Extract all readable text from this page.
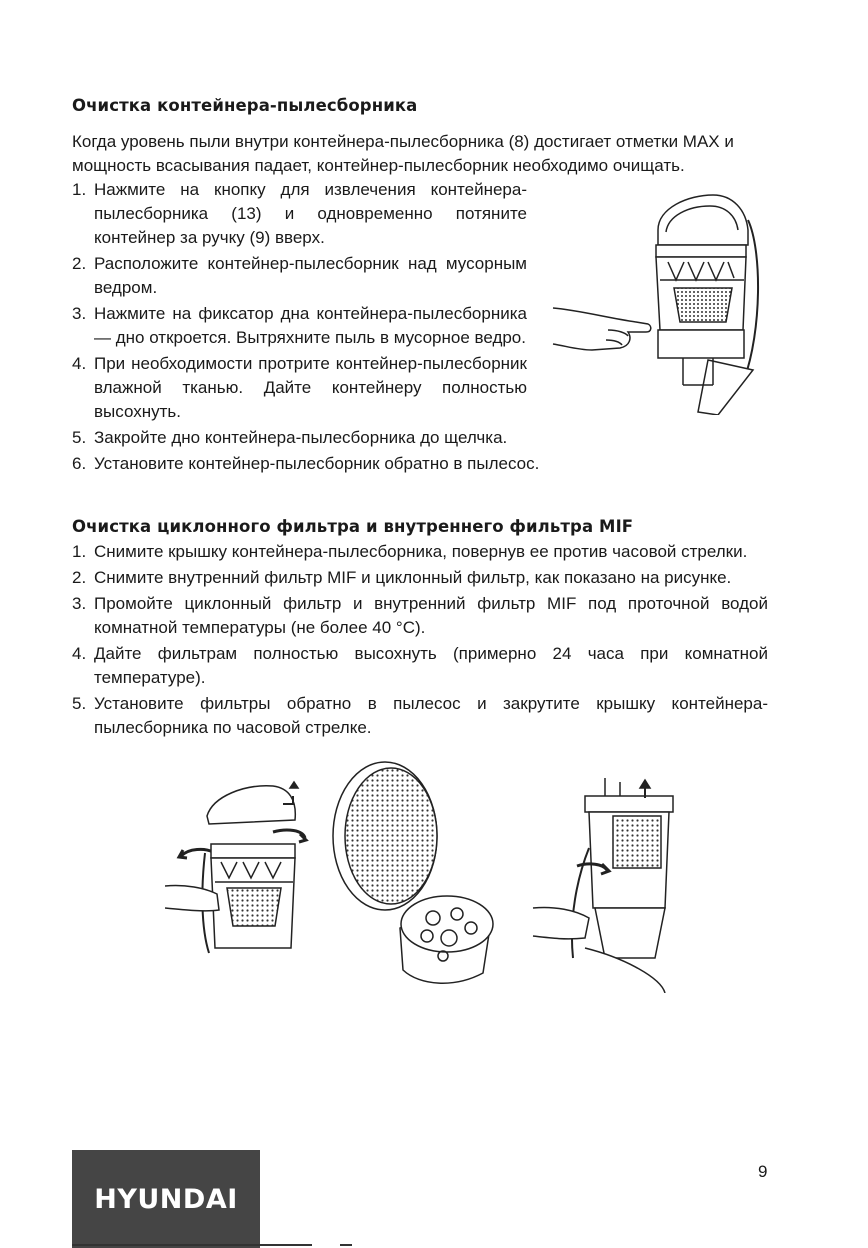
Очистка контейнера-пылесборника

Когда уровень пыли внутри контейнера-пылесборника (8) достигает отметки MAX и мощность всасывания падает, контейнер-пылесборник необходимо очищать.

1. Нажмите на кнопку для извлечения контейнера-пылесборника (13) и одновременно потяните контейнер за ручку (9) вверх.
2. Расположите контейнер-пылесборник над мусорным ведром.
3. Нажмите на фиксатор дна контейнера-пылесборника — дно откроется. Вытряхните пыль в мусорное ведро.
4. При необходимости протрите контейнер-пылесборник влажной тканью. Дайте контейнеру полностью высохнуть.
5. Закройте дно контейнера-пылесборника до щелчка.
6. Установите контейнер-пылесборник обратно в пылесос.
Очистка циклонного фильтра и внутреннего фильтра MIF
1. Снимите крышку контейнера-пылесборника, повернув ее против часовой стрелки.
2. Снимите внутренний фильтр MIF и циклонный фильтр, как показано на рисунке.
3. Промойте циклонный фильтр и внутренний фильтр MIF под проточной водой комнатной температуры (не более 40 °C).
4. Дайте фильтрам полностью высохнуть (примерно 24 часа при комнатной температуре).
5. Установите фильтры обратно в пылесос и закрутите крышку контейнера-пылесборника по часовой стрелке.
HYUNDAI
9
